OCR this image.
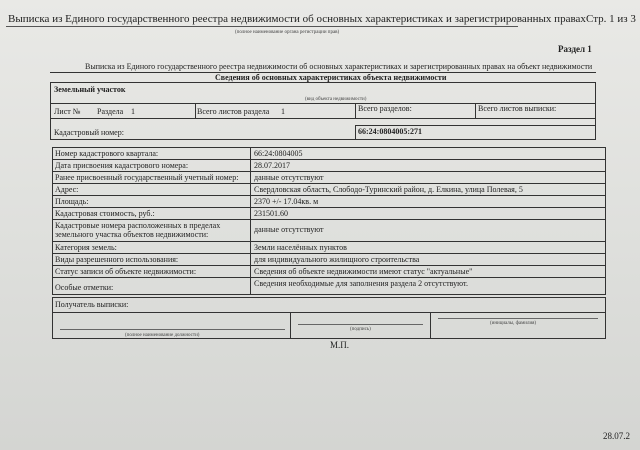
Выписка из Единого государственного реестра недвижимости об основных характеристиках и зарегистрированных правах Стр. 1 из 3
(полное наименование органа регистрации прав)
Раздел 1
Выписка из Единого государственного реестра недвижимости об основных характеристиках и зарегистрированных правах на объект недвижимости
Сведения об основных характеристиках объекта недвижимости
Земельный участок
(вид объекта недвижимости)
Лист № Раздела 1	Всего листов раздела 1	Всего разделов:	Всего листов выписки:
Кадастровый номер:	66:24:0804005:271
Номер кадастрового квартала:	66:24:0804005
Дата присвоения кадастрового номера:	28.07.2017
Ранее присвоенный государственный учетный номер: данные отсутствуют
Адрес:	Свердловская область, Слободо-Туринский район, д. Елкина, улица Полевая, 5
Площадь:	2370 +/- 17.04кв. м
Кадастровая стоимость, руб.:	231501.60
Кадастровые номера расположенных в пределах земельного участка объектов недвижимости:
данные отсутствуют
Категория земель:	Земли населённых пунктов
Виды разрешенного использования:	для индивидуального жилищного строительства
Статус записи об объекте недвижимости:	Сведения об объекте недвижимости имеют статус "актуальные"
Особые отметки:	Сведения необходимые для заполнения раздела 2 отсутствуют.
Получатель выписки:
(полное наименование должности)
(подпись)
(инициалы, фамилия)
М.П.
28.07.2
